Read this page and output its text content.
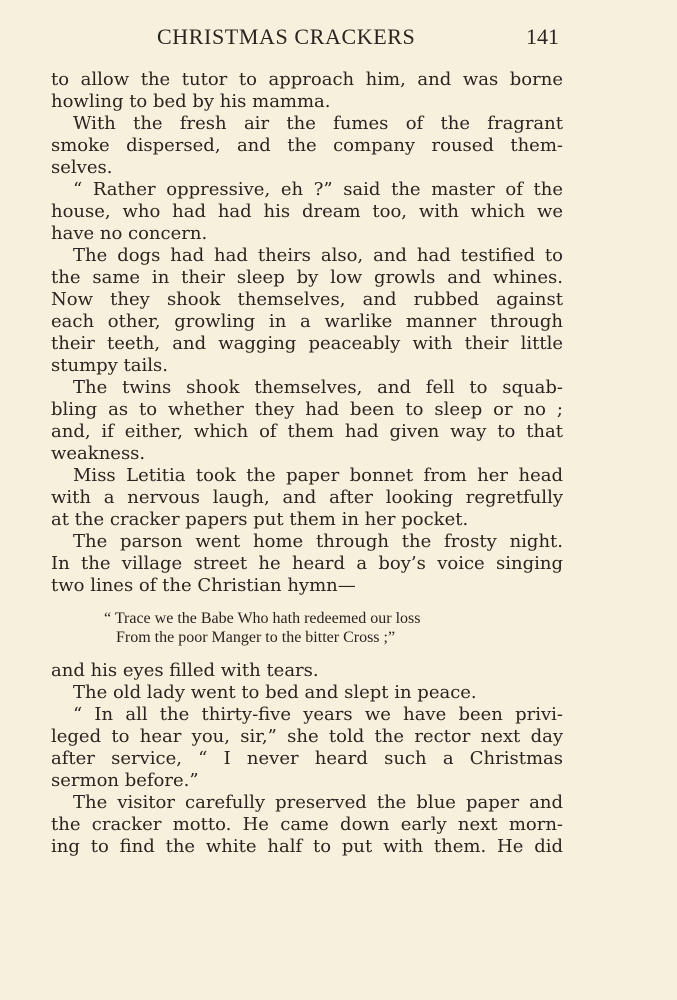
CHRISTMAS CRACKERS	141
to allow the tutor to approach him, and was borne
howling to bed by his mamma.
With the fresh air the fumes of the fragrant
smoke dispersed, and the company roused them-
selves.
“ Rather oppressive, eh ?” said the master of the
house, who had had his dream too, with which we
have no concern.
The dogs had had theirs also, and had testified to
the same in their sleep by low growls and whines.
Now they shook themselves, and rubbed against
each other, growling in a warlike manner through
their teeth, and wagging peaceably with their little
stumpy tails.
The twins shook themselves, and fell to squab-
bling as to whether they had been to sleep or no ;
and, if either, which of them had given way to that
weakness.
Miss Letitia took the paper bonnet from her head
with a nervous laugh, and after looking regretfully
at the cracker papers put them in her pocket.
The parson went home through the frosty night.
In the village street he heard a boy’s voice singing
two lines of the Christian hymn—
“ Trace we the Babe Who hath redeemed our loss
From the poor Manger to the bitter Cross ;”
and his eyes filled with tears.
The old lady went to bed and slept in peace.
“ In all the thirty-five years we have been privi-
leged to hear you, sir,” she told the rector next day
after service, “ I never heard such a Christmas
sermon before.”
The visitor carefully preserved the blue paper and
the cracker motto. He came down early next morn-
ing to find the white half to put with them. He did
